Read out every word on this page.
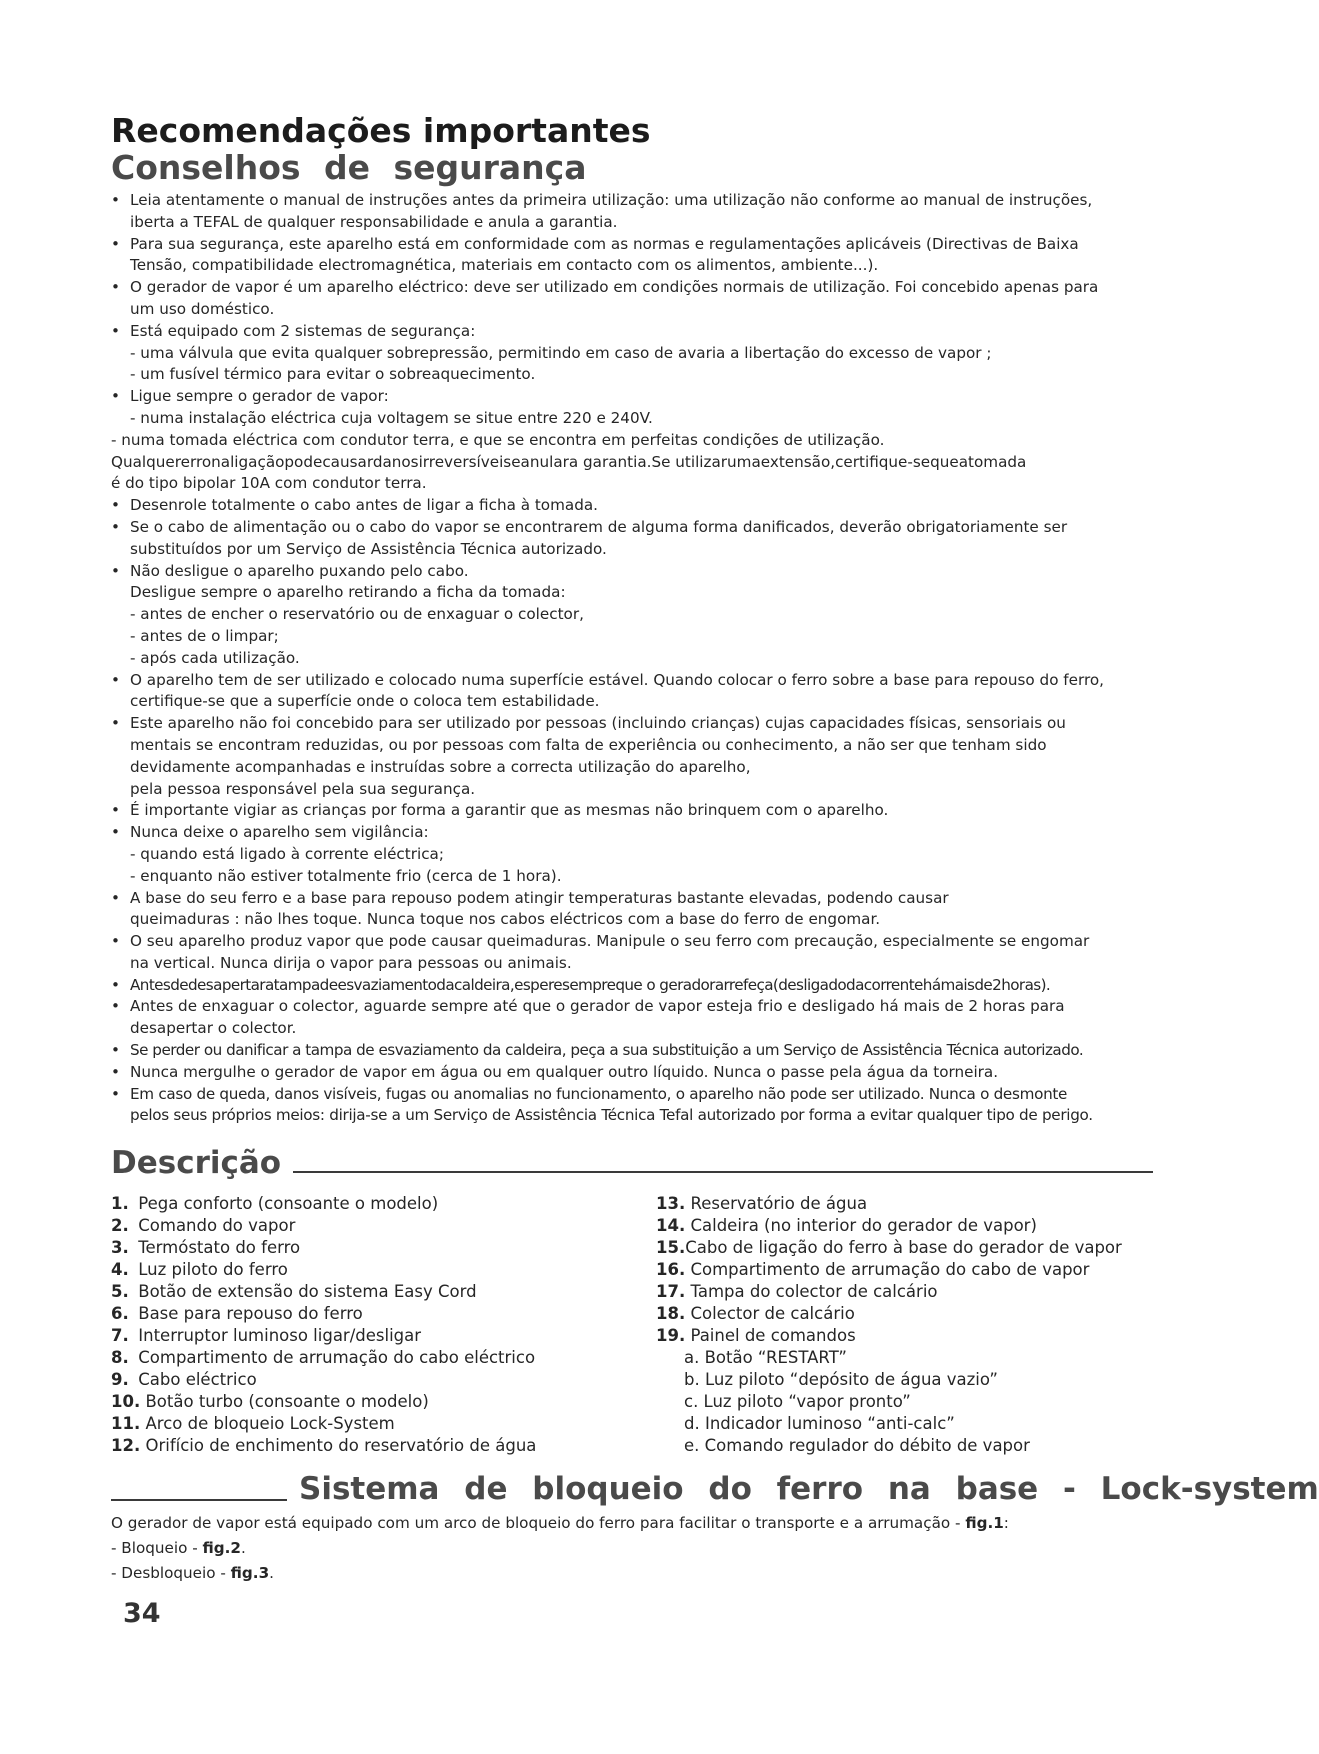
Recomendações importantes
Conselhos de segurança
• Leia atentamente o manual de instruções antes da primeira utilização: uma utilização não conforme ao manual de instruções,
iberta a TEFAL de qualquer responsabilidade e anula a garantia.
• Para sua segurança, este aparelho está em conformidade com as normas e regulamentações aplicáveis (Directivas de Baixa
Tensão, compatibilidade electromagnética, materiais em contacto com os alimentos, ambiente...).
• O gerador de vapor é um aparelho eléctrico: deve ser utilizado em condições normais de utilização. Foi concebido apenas para
um uso doméstico.
• Está equipado com 2 sistemas de segurança:
- uma válvula que evita qualquer sobrepressão, permitindo em caso de avaria a libertação do excesso de vapor ;
- um fusível térmico para evitar o sobreaquecimento.
• Ligue sempre o gerador de vapor:
- numa instalação eléctrica cuja voltagem se situe entre 220 e 240V.
- numa tomada eléctrica com condutor terra, e que se encontra em perfeitas condições de utilização.
Qualquererronaligaçãopodecausardanosirreversíveiseanulara garantia.Se utilizarumaextensão,certifique-sequeatomada
é do tipo bipolar 10A com condutor terra.
• Desenrole totalmente o cabo antes de ligar a ficha à tomada.
• Se o cabo de alimentação ou o cabo do vapor se encontrarem de alguma forma danificados, deverão obrigatoriamente ser
substituídos por um Serviço de Assistência Técnica autorizado.
• Não desligue o aparelho puxando pelo cabo.
Desligue sempre o aparelho retirando a ficha da tomada:
- antes de encher o reservatório ou de enxaguar o colector,
- antes de o limpar;
- após cada utilização.
• O aparelho tem de ser utilizado e colocado numa superfície estável. Quando colocar o ferro sobre a base para repouso do ferro,
certifique-se que a superfície onde o coloca tem estabilidade.
• Este aparelho não foi concebido para ser utilizado por pessoas (incluindo crianças) cujas capacidades físicas, sensoriais ou
mentais se encontram reduzidas, ou por pessoas com falta de experiência ou conhecimento, a não ser que tenham sido
devidamente acompanhadas e instruídas sobre a correcta utilização do aparelho,
pela pessoa responsável pela sua segurança.
• É importante vigiar as crianças por forma a garantir que as mesmas não brinquem com o aparelho.
• Nunca deixe o aparelho sem vigilância:
- quando está ligado à corrente eléctrica;
- enquanto não estiver totalmente frio (cerca de 1 hora).
• A base do seu ferro e a base para repouso podem atingir temperaturas bastante elevadas, podendo causar
queimaduras : não lhes toque. Nunca toque nos cabos eléctricos com a base do ferro de engomar.
• O seu aparelho produz vapor que pode causar queimaduras. Manipule o seu ferro com precaução, especialmente se engomar
na vertical. Nunca dirija o vapor para pessoas ou animais.
• Antesdedesapertaratampadeesvaziamentodacaldeira,esperesempreque o geradorarrefeça(desligadodacorrentehámaisde2horas).
• Antes de enxaguar o colector, aguarde sempre até que o gerador de vapor esteja frio e desligado há mais de 2 horas para
desapertar o colector.
• Se perder ou danificar a tampa de esvaziamento da caldeira, peça a sua substituição a um Serviço de Assistência Técnica autorizado.
• Nunca mergulhe o gerador de vapor em água ou em qualquer outro líquido. Nunca o passe pela água da torneira.
• Em caso de queda, danos visíveis, fugas ou anomalias no funcionamento, o aparelho não pode ser utilizado. Nunca o desmonte
pelos seus próprios meios: dirija-se a um Serviço de Assistência Técnica Tefal autorizado por forma a evitar qualquer tipo de perigo.
Descrição
1. Pega conforto (consoante o modelo)
2. Comando do vapor
3. Termóstato do ferro
4. Luz piloto do ferro
5. Botão de extensão do sistema Easy Cord
6. Base para repouso do ferro
7. Interruptor luminoso ligar/desligar
8. Compartimento de arrumação do cabo eléctrico
9. Cabo eléctrico
10. Botão turbo (consoante o modelo)
11. Arco de bloqueio Lock-System
12. Orifício de enchimento do reservatório de água
13. Reservatório de água
14. Caldeira (no interior do gerador de vapor)
15.Cabo de ligação do ferro à base do gerador de vapor
16. Compartimento de arrumação do cabo de vapor
17. Tampa do colector de calcário
18. Colector de calcário
19. Painel de comandos
a. Botão “RESTART”
b. Luz piloto “depósito de água vazio”
c. Luz piloto “vapor pronto”
d. Indicador luminoso “anti-calc”
e. Comando regulador do débito de vapor
Sistema de bloqueio do ferro na base - Lock-system
O gerador de vapor está equipado com um arco de bloqueio do ferro para facilitar o transporte e a arrumação - fig.1:
- Bloqueio - fig.2.
- Desbloqueio - fig.3.
34
